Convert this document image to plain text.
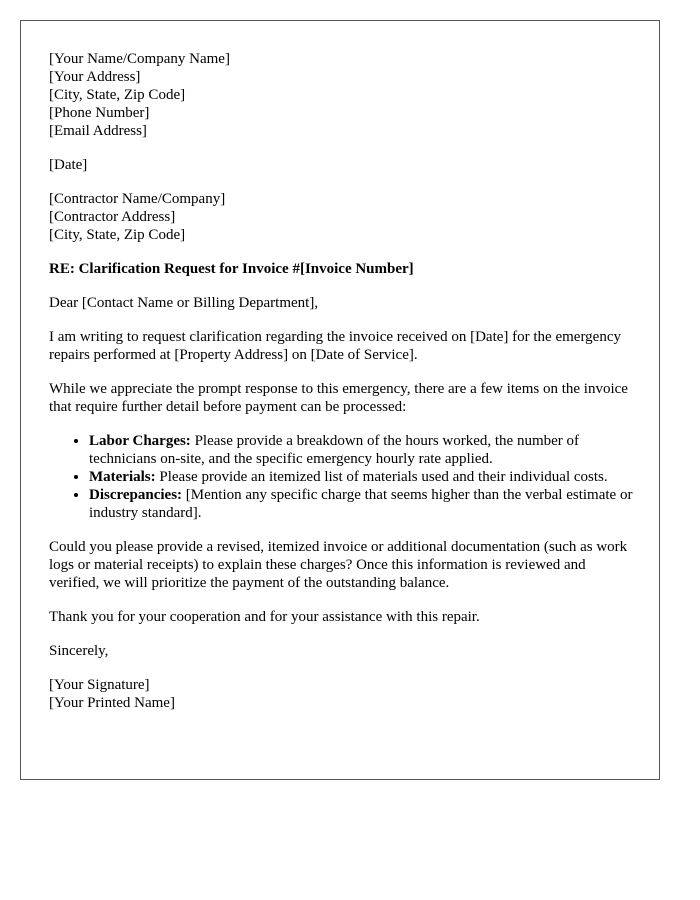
[Your Name/Company Name]
[Your Address]
[City, State, Zip Code]
[Phone Number]
[Email Address]
[Date]
[Contractor Name/Company]
[Contractor Address]
[City, State, Zip Code]

RE: Clarification Request for Invoice #[Invoice Number]

Dear [Contact Name or Billing Department],

I am writing to request clarification regarding the invoice received on [Date] for the emergency repairs performed at [Property Address] on [Date of Service].

While we appreciate the prompt response to this emergency, there are a few items on the invoice that require further detail before payment can be processed:

• Labor Charges: Please provide a breakdown of the hours worked, the number of technicians on-site, and the specific emergency hourly rate applied.
• Materials: Please provide an itemized list of materials used and their individual costs.
• Discrepancies: [Mention any specific charge that seems higher than the verbal estimate or industry standard].

Could you please provide a revised, itemized invoice or additional documentation (such as work logs or material receipts) to explain these charges? Once this information is reviewed and verified, we will prioritize the payment of the outstanding balance.

Thank you for your cooperation and for your assistance with this repair.

Sincerely,

[Your Signature]
[Your Printed Name]
